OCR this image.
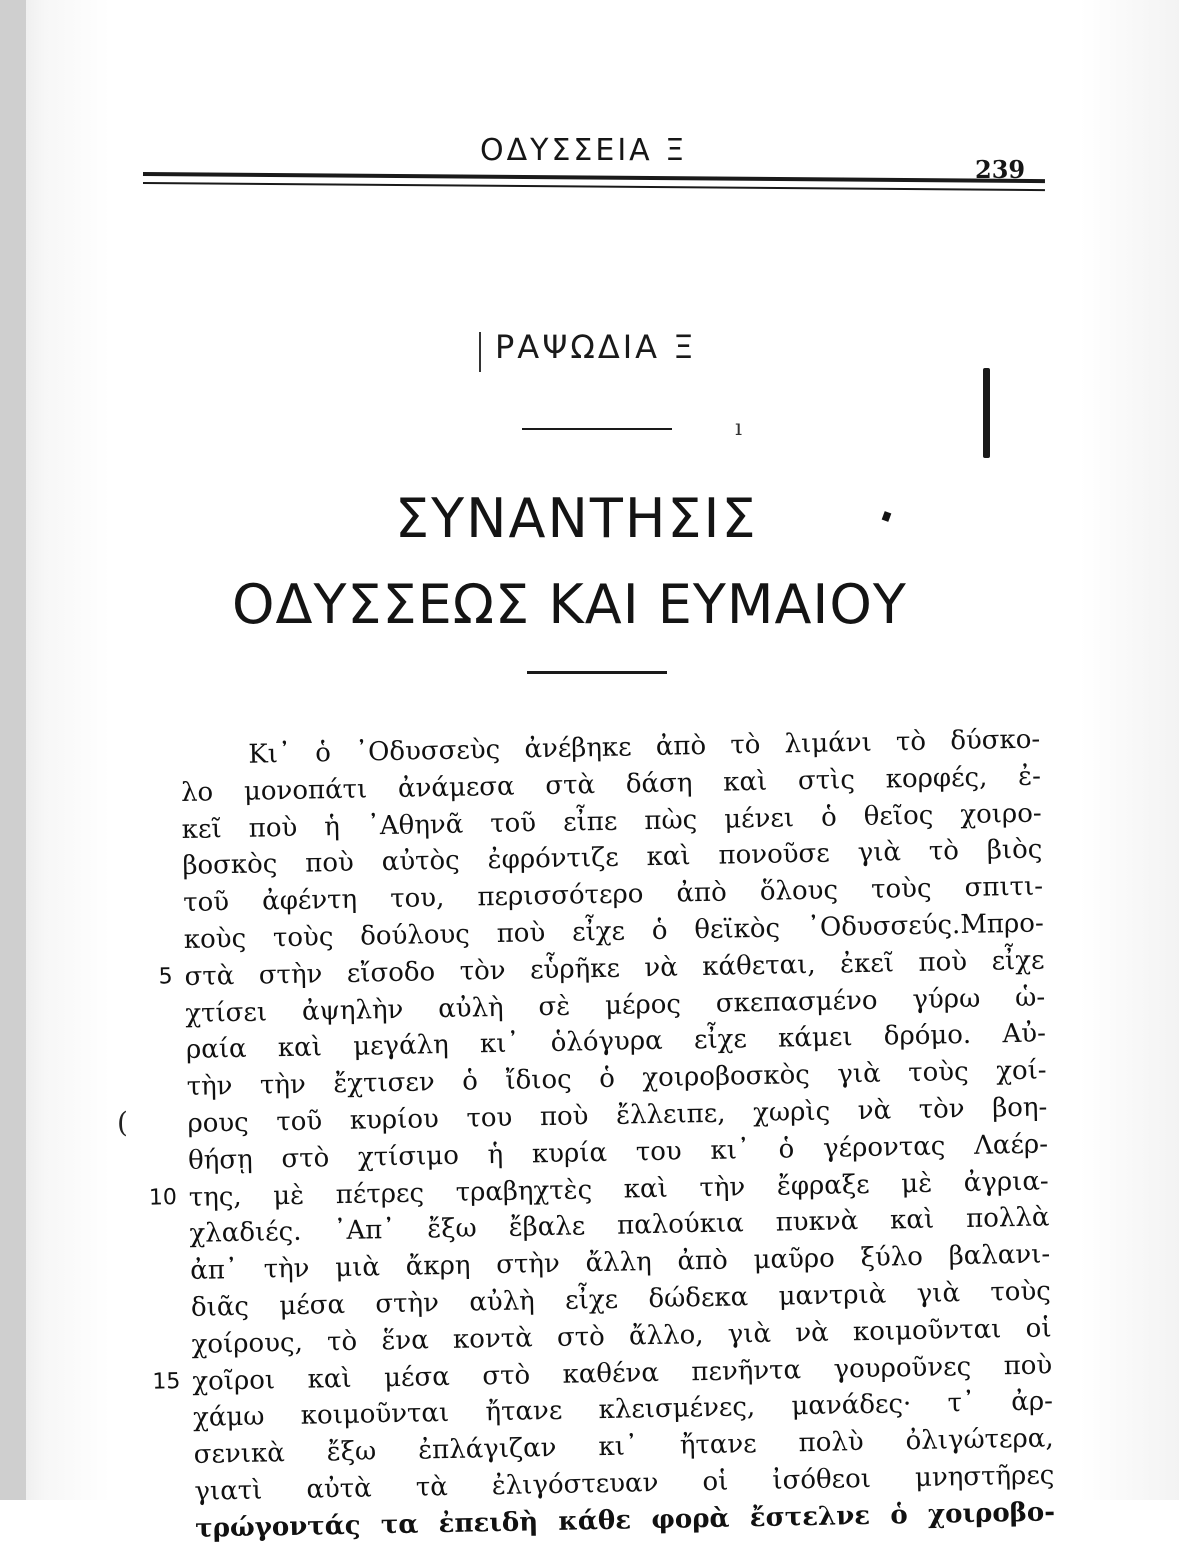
ΟΔΥΣΣΕΙΑ Ξ
239
ΡΑΨΩΔΙΑ Ξ
ı
ΣΥΝΑΝΤΗΣΙΣ
ΟΔΥΣΣΕΩΣ ΚΑΙ ΕΥΜΑΙΟΥ
(
Κι᾿ ὁ ᾿Οδυσσεὺς ἀνέβηκε ἀπὸ τὸ λιμάνι τὸ δύσκο-
λο μονοπάτι ἀνάμεσα στὰ δάση καὶ στὶς κορφές, ἐ-
κεῖ ποὺ ἡ ᾿Αθηνᾶ τοῦ εἶπε πὼς μένει ὁ θεῖος χοιρο-
βοσκὸς ποὺ αὐτὸς ἐφρόντιζε καὶ πονοῦσε γιὰ τὸ βιὸς
τοῦ ἀφέντη του, περισσότερο ἀπὸ ὅλους τοὺς σπιτι-
κοὺς τοὺς δούλους ποὺ εἶχε ὁ θεϊκὸς ᾿Οδυσσεύς.Μπρο-
στὰ στὴν εἴσοδο τὸν εὗρῆκε νὰ κάθεται, ἐκεῖ ποὺ εἶχε
5
χτίσει ἀψηλὴν αὐλὴ σὲ μέρος σκεπασμένο γύρω ὡ-
ραία καὶ μεγάλη κι᾿ ὁλόγυρα εἶχε κάμει δρόμο. Αὐ-
τὴν τὴν ἔχτισεν ὁ ἴδιος ὁ χοιροβοσκὸς γιὰ τοὺς χοί-
ρους τοῦ κυρίου του ποὺ ἔλλειπε, χωρὶς νὰ τὸν βοη-
θήσῃ στὸ χτίσιμο ἡ κυρία του κι᾿ ὁ γέροντας Λαέρ-
της, μὲ πέτρες τραβηχτὲς καὶ τὴν ἔφραξε μὲ ἀγρια-
10
χλαδιές. ᾿Απ᾿ ἔξω ἔβαλε παλούκια πυκνὰ καὶ πολλὰ
ἀπ᾿ τὴν μιὰ ἄκρη στὴν ἄλλη ἀπὸ μαῦρο ξύλο βαλανι-
διᾶς μέσα στὴν αὐλὴ εἶχε δώδεκα μαντριὰ γιὰ τοὺς
χοίρους, τὸ ἕνα κοντὰ στὸ ἄλλο, γιὰ νὰ κοιμοῦνται οἱ
χοῖροι καὶ μέσα στὸ καθένα πενῆντα γουροῦνες ποὺ
15
χάμω κοιμοῦνται ἤτανε κλεισμένες, μανάδες· τ᾿ ἀρ-
σενικὰ ἔξω ἐπλάγιζαν κι᾿ ἤτανε πολὺ ὀλιγώτερα,
γιατὶ αὐτὰ τὰ ἐλιγόστευαν οἱ ἰσόθεοι μνηστῆρες
τρώγοντάς τα ἐπειδὴ κάθε φορὰ ἔστελνε ὁ χοιροβο-
